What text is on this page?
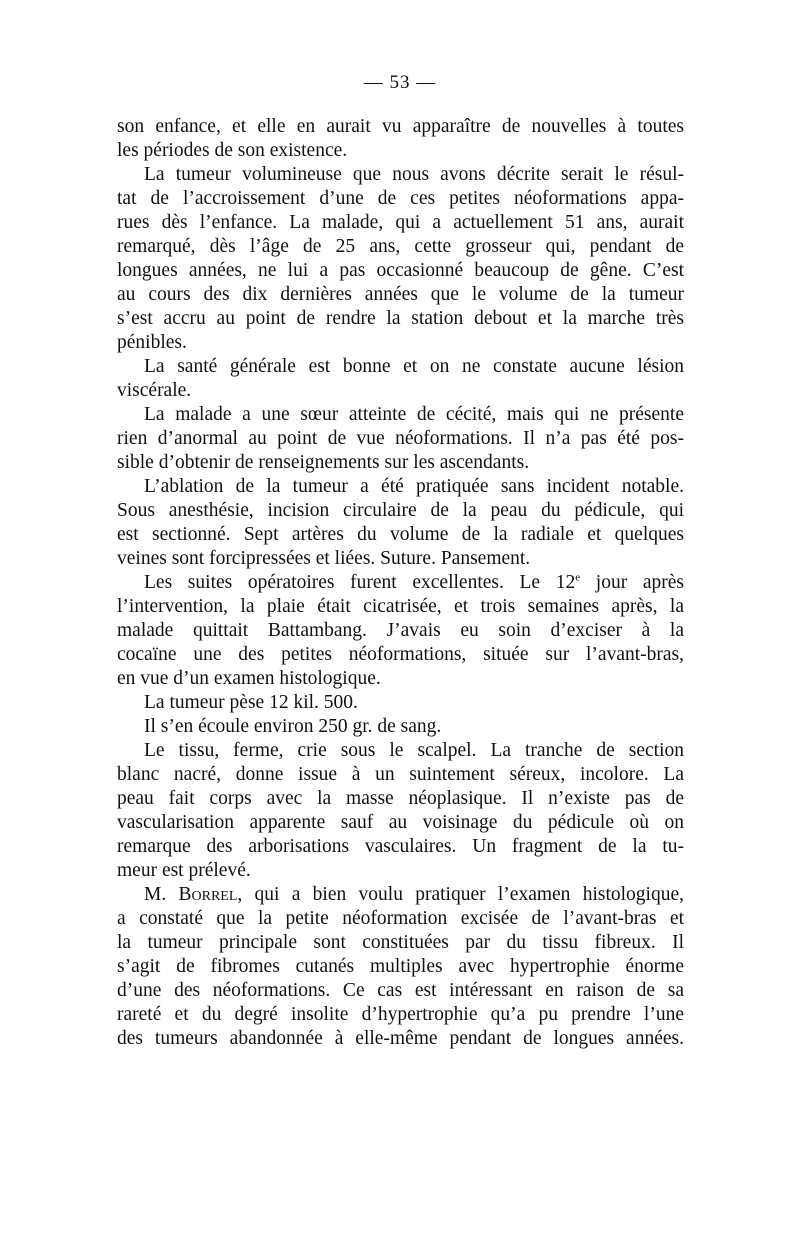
— 53 —
son enfance, et elle en aurait vu apparaître de nouvelles à toutes
les périodes de son existence.
La tumeur volumineuse que nous avons décrite serait le résul-
tat de l’accroissement d’une de ces petites néoformations appa-
rues dès l’enfance. La malade, qui a actuellement 51 ans, aurait
remarqué, dès l’âge de 25 ans, cette grosseur qui, pendant de
longues années, ne lui a pas occasionné beaucoup de gêne. C’est
au cours des dix dernières années que le volume de la tumeur
s’est accru au point de rendre la station debout et la marche très
pénibles.
La santé générale est bonne et on ne constate aucune lésion
viscérale.
La malade a une sœur atteinte de cécité, mais qui ne présente
rien d’anormal au point de vue néoformations. Il n’a pas été pos-
sible d’obtenir de renseignements sur les ascendants.
L’ablation de la tumeur a été pratiquée sans incident notable.
Sous anesthésie, incision circulaire de la peau du pédicule, qui
est sectionné. Sept artères du volume de la radiale et quelques
veines sont forcipressées et liées. Suture. Pansement.
Les suites opératoires furent excellentes. Le 12e jour après
l’intervention, la plaie était cicatrisée, et trois semaines après, la
malade quittait Battambang. J’avais eu soin d’exciser à la
cocaïne une des petites néoformations, située sur l’avant-bras,
en vue d’un examen histologique.
La tumeur pèse 12 kil. 500.
Il s’en écoule environ 250 gr. de sang.
Le tissu, ferme, crie sous le scalpel. La tranche de section
blanc nacré, donne issue à un suintement séreux, incolore. La
peau fait corps avec la masse néoplasique. Il n’existe pas de
vascularisation apparente sauf au voisinage du pédicule où on
remarque des arborisations vasculaires. Un fragment de la tu-
meur est prélevé.
M. Borrel, qui a bien voulu pratiquer l’examen histologique,
a constaté que la petite néoformation excisée de l’avant-bras et
la tumeur principale sont constituées par du tissu fibreux. Il
s’agit de fibromes cutanés multiples avec hypertrophie énorme
d’une des néoformations. Ce cas est intéressant en raison de sa
rareté et du degré insolite d’hypertrophie qu’a pu prendre l’une
des tumeurs abandonnée à elle-même pendant de longues années.
